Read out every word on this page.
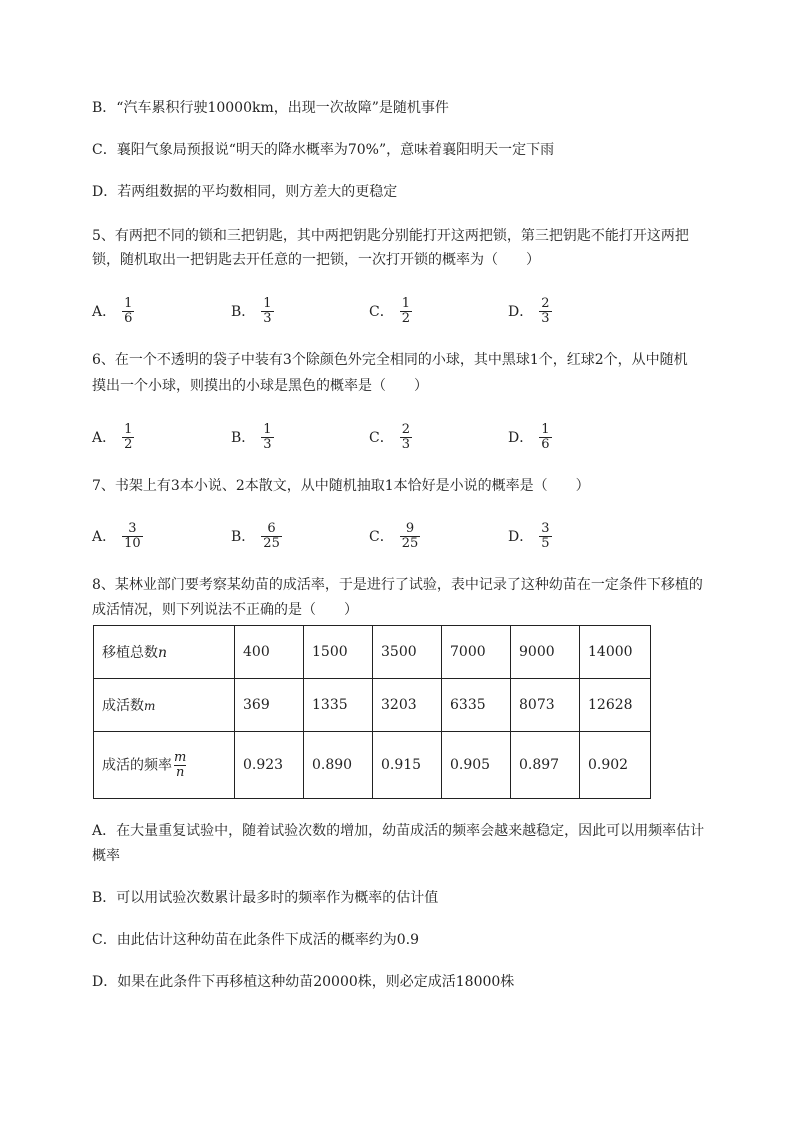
B．“汽车累积行驶10000km，出现一次故障”是随机事件
C．襄阳气象局预报说“明天的降水概率为70%”，意味着襄阳明天一定下雨
D．若两组数据的平均数相同，则方差大的更稳定
5、有两把不同的锁和三把钥匙，其中两把钥匙分别能打开这两把锁，第三把钥匙不能打开这两把
锁，随机取出一把钥匙去开任意的一把锁，一次打开锁的概率为（　　）
A． $\frac{1}{6}$	B． $\frac{1}{3}$	C． $\frac{1}{2}$	D． $\frac{2}{3}$
6、在一个不透明的袋子中装有3个除颜色外完全相同的小球，其中黑球1个，红球2个，从中随机
摸出一个小球，则摸出的小球是黑色的概率是（　　）
A． $\frac{1}{2}$	B． $\frac{1}{3}$	C． $\frac{2}{3}$	D． $\frac{1}{6}$
7、书架上有3本小说、2本散文，从中随机抽取1本恰好是小说的概率是（　　）
A． $\frac{3}{10}$	B． $\frac{6}{25}$	C． $\frac{9}{25}$	D． $\frac{3}{5}$
8、某林业部门要考察某幼苗的成活率，于是进行了试验，表中记录了这种幼苗在一定条件下移植的
成活情况，则下列说法不正确的是（　　）
移植总数n	400	1500	3500	7000	9000	14000
成活数m	369	1335	3203	6335	8073	12628
成活的频率 $\frac{m}{n}$	0.923	0.890	0.915	0.905	0.897	0.902
A．在大量重复试验中，随着试验次数的增加，幼苗成活的频率会越来越稳定，因此可以用频率估计
概率
B．可以用试验次数累计最多时的频率作为概率的估计值
C．由此估计这种幼苗在此条件下成活的概率约为0.9
D．如果在此条件下再移植这种幼苗20000株，则必定成活18000株
